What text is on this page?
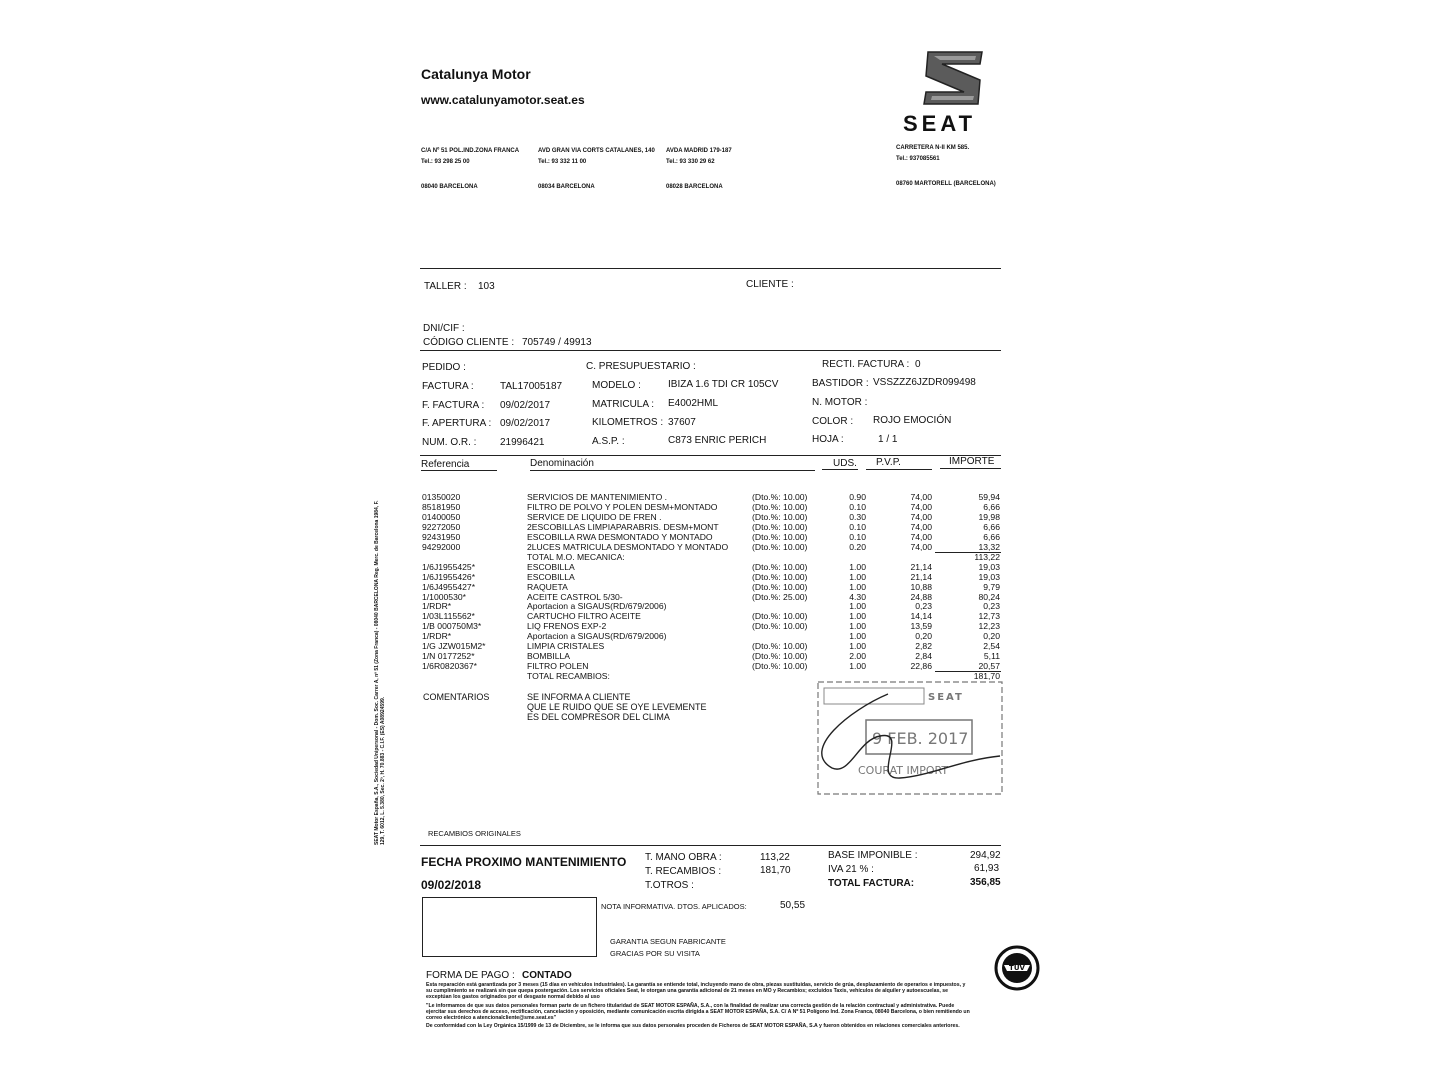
Catalunya Motor
www.catalunyamotor.seat.es
SEAT
C/A Nº 51 POL.IND.ZONA FRANCA
Tel.: 93 298 25 00
08040 BARCELONA
AVD GRAN VIA CORTS CATALANES, 140
Tel.: 93 332 11 00
08034 BARCELONA
AVDA MADRID 179-187
Tel.: 93 330 29 62
08028 BARCELONA
CARRETERA N-II KM 585.
Tel.: 937085561
08760 MARTORELL (BARCELONA)
SEAT Motor España, S.A., Sociedad Unipersonal - Dom. Soc. Carrer A, nº 51 (Zona Franca) - 08040 BARCELONA Reg. Merc. de Barcelona 1984, F. 129, T. 6012, L. 5.380, Sec. 2ª, H. 70.883 - C.I.F. (ES) A08924599.
TALLER : 103	CLIENTE :
DNI/CIF :
CÓDIGO CLIENTE : 705749 / 49913
PEDIDO :	C. PRESUPUESTARIO :	RECTI. FACTURA : 0
FACTURA :	TAL17005187	MODELO :	IBIZA 1.6 TDI CR 105CV	BASTIDOR : VSSZZZ6JZDR099498
F. FACTURA : 09/02/2017	MATRICULA : E4002HML	N. MOTOR :
F. APERTURA : 09/02/2017	KILOMETROS : 37607	COLOR : ROJO EMOCIÓN
NUM. O.R. : 21996421	A.S.P. :	C873 ENRIC PERICH	HOJA :	1 / 1
Referencia	Denominación	UDS. P.V.P.	IMPORTE
01350020	SERVICIOS DE MANTENIMIENTO .	(Dto.%: 10.00)	0.90	74,00	59,94
85181950	FILTRO DE POLVO Y POLEN DESM+MONTADO	(Dto.%: 10.00)	0.10	74,00	6,66
01400050	SERVICE DE LIQUIDO DE FREN .	(Dto.%: 10.00)	0.30	74,00	19,98
92272050	2ESCOBILLAS LIMPIAPARABRIS. DESM+MONT	(Dto.%: 10.00)	0.10	74,00	6,66
92431950	ESCOBILLA RWA DESMONTADO Y MONTADO	(Dto.%: 10.00)	0.10	74,00	6,66
94292000	2LUCES MATRICULA DESMONTADO Y MONTADO	(Dto.%: 10.00)	0.20	74,00	13,32
TOTAL M.O. MECANICA:	113,22
1/6J1955425*	ESCOBILLA	(Dto.%: 10.00)	1.00	21,14	19,03
1/6J1955426*	ESCOBILLA	(Dto.%: 10.00)	1.00	21,14	19,03
1/6J4955427*	RAQUETA	(Dto.%: 10.00)	1.00	10,88	9,79
1/1000530*	ACEITE CASTROL 5/30-	(Dto.%: 25.00)	4.30	24,88	80,24
1/RDR*	Aportacion a SIGAUS(RD/679/2006)	1.00	0,23	0,23
1/03L115562*	CARTUCHO FILTRO ACEITE	(Dto.%: 10.00)	1.00	14,14	12,73
1/B 000750M3*	LIQ FRENOS EXP-2	(Dto.%: 10.00)	1.00	13,59	12,23
1/RDR*	Aportacion a SIGAUS(RD/679/2006)	1.00	0,20	0,20
1/G JZW015M2*	LIMPIA CRISTALES	(Dto.%: 10.00)	1.00	2,82	2,54
1/N 0177252*	BOMBILLA	(Dto.%: 10.00)	2.00	2,84	5,11
1/6R0820367*	FILTRO POLEN	(Dto.%: 10.00)	1.00	22,86	20,57
TOTAL RECAMBIOS:	181,70
COMENTARIOS	SE INFORMA A CLIENTE
QUE LE RUIDO QUE SE OYE LEVEMENTE
ES DEL COMPRESOR DEL CLIMA
SEAT
9 FEB. 2017
COURAT IMPORT
RECAMBIOS ORIGINALES
FECHA PROXIMO MANTENIMIENTO
09/02/2018
T. MANO OBRA :	113,22
T. RECAMBIOS :	181,70
T.OTROS :
BASE IMPONIBLE :	294,92
IVA 21 % :	61,93
TOTAL FACTURA:	356,85
NOTA INFORMATIVA. DTOS. APLICADOS:	50,55
GARANTIA SEGUN FABRICANTE
GRACIAS POR SU VISITA
TÜV
FORMA DE PAGO : CONTADO

Esta reparación está garantizada por 3 meses (15 días en vehículos industriales). La garantía se entiende total, incluyendo mano de obra, piezas sustituidas, servicio de grúa, desplazamiento de operarios e impuestos, y su cumplimiento se realizará sin que quepa postergación. Los servicios oficiales Seat, le otorgan una garantía adicional de 21 meses en MO y Recambios; excluidos Taxis, vehículos de alquiler y autoescuelas, se exceptúan los gastos originados por el desgaste normal debido al uso

"Le informamos de que sus datos personales forman parte de un fichero titularidad de SEAT MOTOR ESPAÑA, S.A., con la finalidad de realizar una correcta gestión de la relación contractual y administrativa. Puede ejercitar sus derechos de acceso, rectificación, cancelación y oposición, mediante comunicación escrita dirigida a SEAT MOTOR ESPAÑA, S.A. C/ A Nº 51 Polígono Ind. Zona Franca, 08040 Barcelona, o bien remitiendo un correo electrónico a atencionalcliente@sme.seat.es"

De conformidad con la Ley Orgánica 15/1999 de 13 de Diciembre, se le informa que sus datos personales proceden de Ficheros de SEAT MOTOR ESPAÑA, S.A y fueron obtenidos en relaciones comerciales anteriores.
